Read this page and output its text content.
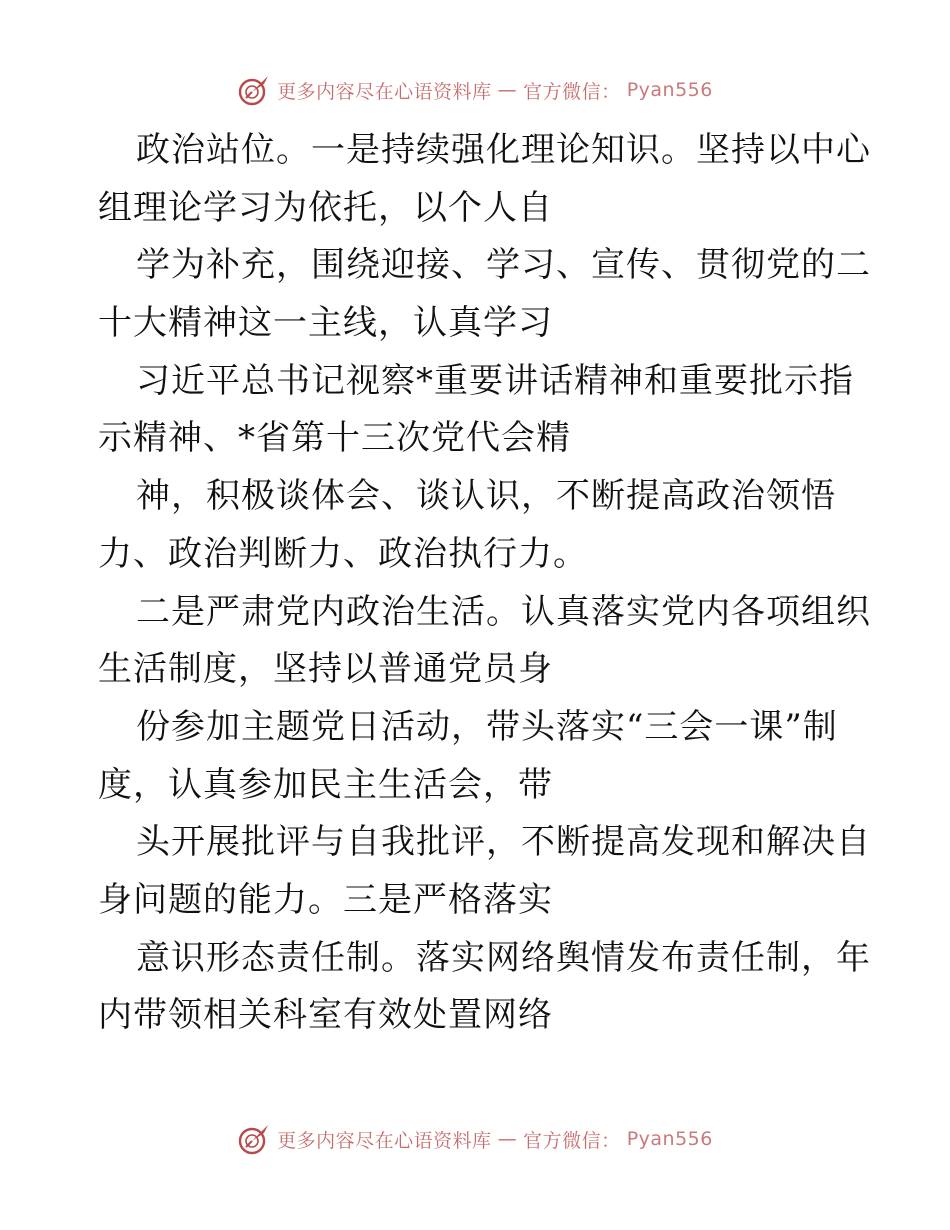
更多内容尽在心语资料库 — 官方微信： Pyan556
政治站位。一是持续强化理论知识。坚持以中心
组理论学习为依托，以个人自
学为补充，围绕迎接、学习、宣传、贯彻党的二
十大精神这一主线，认真学习
习近平总书记视察*重要讲话精神和重要批示指
示精神、*省第十三次党代会精
神，积极谈体会、谈认识，不断提高政治领悟
力、政治判断力、政治执行力。
二是严肃党内政治生活。认真落实党内各项组织
生活制度，坚持以普通党员身
份参加主题党日活动，带头落实“三会一课”制
度，认真参加民主生活会，带
头开展批评与自我批评，不断提高发现和解决自
身问题的能力。三是严格落实
意识形态责任制。落实网络舆情发布责任制，年
内带领相关科室有效处置网络
更多内容尽在心语资料库 — 官方微信： Pyan556
